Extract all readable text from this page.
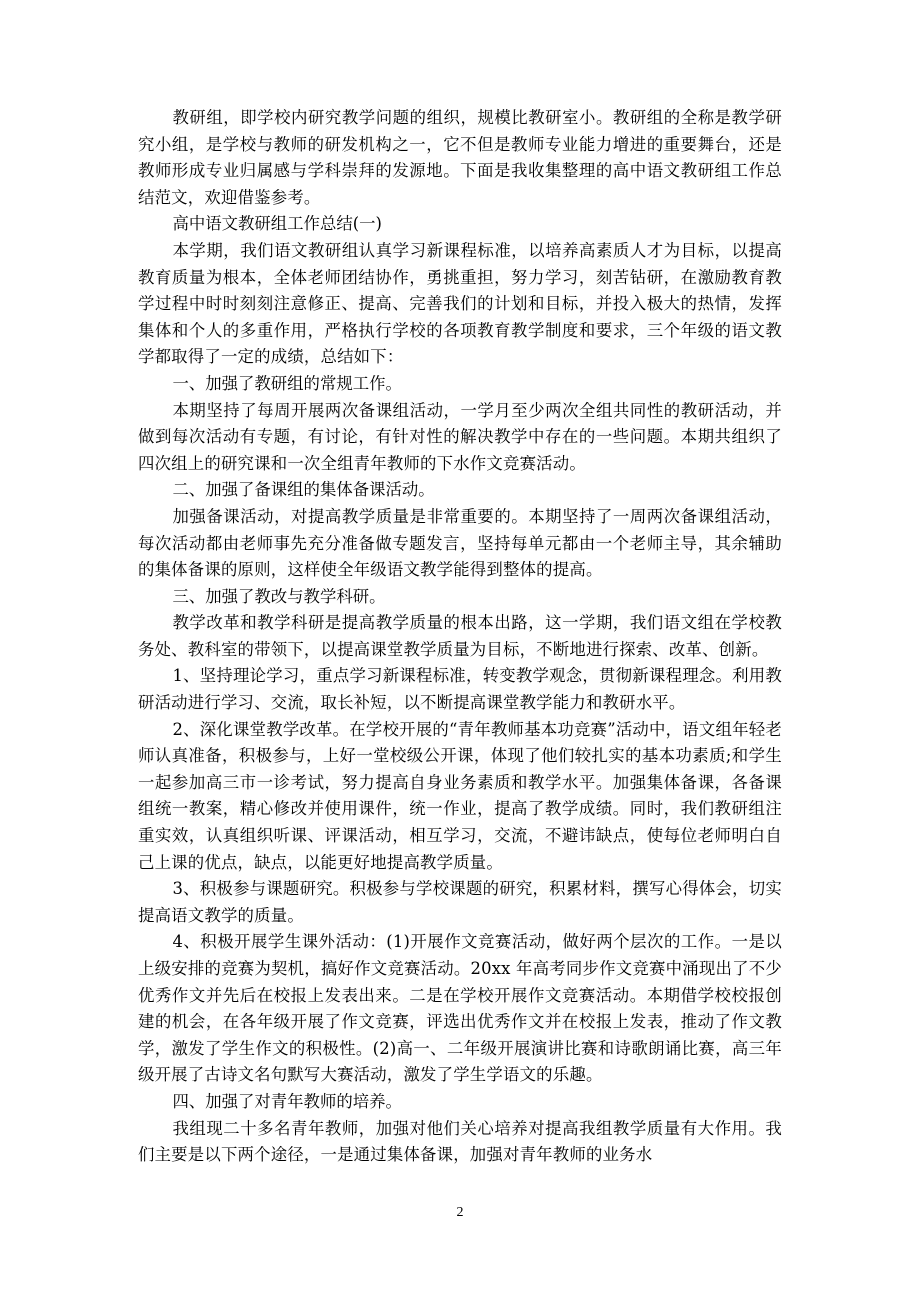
教研组，即学校内研究教学问题的组织，规模比教研室小。教研组的全称是教学研究小组，是学校与教师的研发机构之一，它不但是教师专业能力增进的重要舞台，还是教师形成专业归属感与学科崇拜的发源地。下面是我收集整理的高中语文教研组工作总结范文，欢迎借鉴参考。

高中语文教研组工作总结(一)

本学期，我们语文教研组认真学习新课程标准，以培养高素质人才为目标，以提高教育质量为根本，全体老师团结协作，勇挑重担，努力学习，刻苦钻研，在激励教育教学过程中时时刻刻注意修正、提高、完善我们的计划和目标，并投入极大的热情，发挥集体和个人的多重作用，严格执行学校的各项教育教学制度和要求，三个年级的语文教学都取得了一定的成绩，总结如下：

一、加强了教研组的常规工作。

本期坚持了每周开展两次备课组活动，一学月至少两次全组共同性的教研活动，并做到每次活动有专题，有讨论，有针对性的解决教学中存在的一些问题。本期共组织了四次组上的研究课和一次全组青年教师的下水作文竞赛活动。

二、加强了备课组的集体备课活动。

加强备课活动，对提高教学质量是非常重要的。本期坚持了一周两次备课组活动，每次活动都由老师事先充分准备做专题发言，坚持每单元都由一个老师主导，其余辅助的集体备课的原则，这样使全年级语文教学能得到整体的提高。

三、加强了教改与教学科研。

教学改革和教学科研是提高教学质量的根本出路，这一学期，我们语文组在学校教务处、教科室的带领下，以提高课堂教学质量为目标，不断地进行探索、改革、创新。

1、坚持理论学习，重点学习新课程标准，转变教学观念，贯彻新课程理念。利用教研活动进行学习、交流，取长补短，以不断提高课堂教学能力和教研水平。

2、深化课堂教学改革。在学校开展的“青年教师基本功竞赛”活动中，语文组年轻老师认真准备，积极参与，上好一堂校级公开课，体现了他们较扎实的基本功素质;和学生一起参加高三市一诊考试，努力提高自身业务素质和教学水平。加强集体备课，各备课组统一教案，精心修改并使用课件，统一作业，提高了教学成绩。同时，我们教研组注重实效，认真组织听课、评课活动，相互学习，交流，不避讳缺点，使每位老师明白自己上课的优点，缺点，以能更好地提高教学质量。

3、积极参与课题研究。积极参与学校课题的研究，积累材料，撰写心得体会，切实提高语文教学的质量。

4、积极开展学生课外活动：(1)开展作文竞赛活动，做好两个层次的工作。一是以上级安排的竞赛为契机，搞好作文竞赛活动。20xx 年高考同步作文竞赛中涌现出了不少优秀作文并先后在校报上发表出来。二是在学校开展作文竞赛活动。本期借学校校报创建的机会，在各年级开展了作文竞赛，评选出优秀作文并在校报上发表，推动了作文教学，激发了学生作文的积极性。(2)高一、二年级开展演讲比赛和诗歌朗诵比赛，高三年级开展了古诗文名句默写大赛活动，激发了学生学语文的乐趣。

四、加强了对青年教师的培养。

我组现二十多名青年教师，加强对他们关心培养对提高我组教学质量有大作用。我们主要是以下两个途径，一是通过集体备课，加强对青年教师的业务水

2
